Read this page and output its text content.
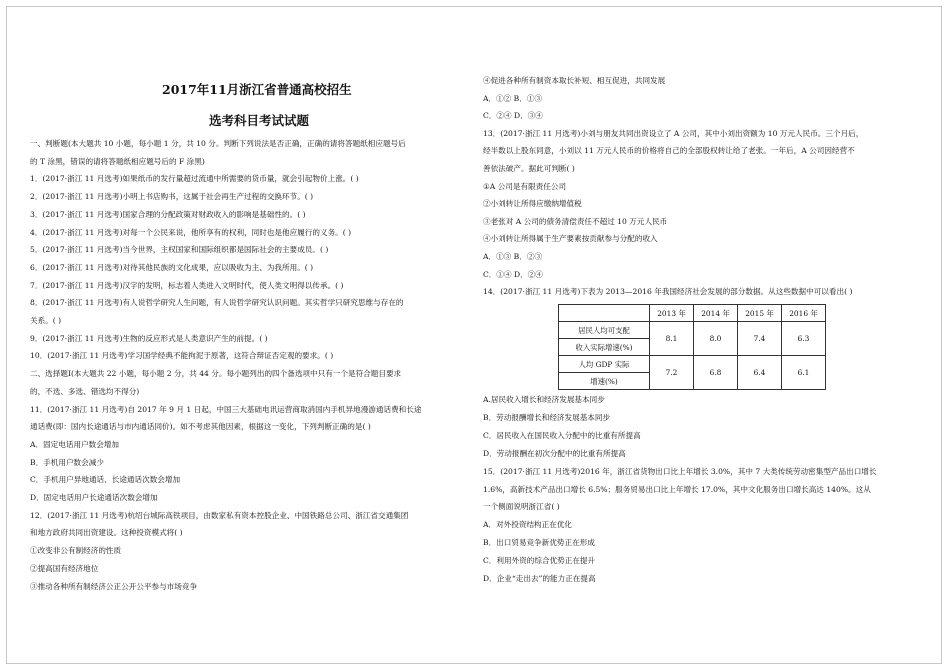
2017年11月浙江省普通高校招生
选考科目考试试题
一、判断题(本大题共 10 小题，每小题 1 分，共 10 分。判断下列说法是否正确，正确的请将答题纸相应题号后
的 T 涂黑，错误的请将答题纸相应题号后的 F 涂黑)
1．(2017·浙江 11 月选考)如果纸币的发行量超过流通中所需要的货币量，就会引起物价上涨。( )
2．(2017·浙江 11 月选考)小明上书店购书，这属于社会再生产过程的交换环节。( )
3．(2017·浙江 11 月选考)国家合理的分配政策对财政收入的影响是基础性的。( )
4．(2017·浙江 11 月选考)对每一个公民来说，他所享有的权利，同时也是他应履行的义务。( )
5．(2017·浙江 11 月选考)当今世界，主权国家和国际组织都是国际社会的主要成员。( )
6．(2017·浙江 11 月选考)对待其他民族的文化成果，应以吸收为主、为我所用。( )
7．(2017·浙江 11 月选考)汉字的发明，标志着人类进入文明时代，使人类文明得以传承。( )
8．(2017·浙江 11 月选考)有人说哲学研究人生问题，有人说哲学研究认识问题。其实哲学只研究思维与存在的
关系。( )
9．(2017·浙江 11 月选考)生物的反应形式是人类意识产生的前提。( )
10．(2017·浙江 11 月选考)学习国学经典不能拘泥于原著，这符合辩证否定观的要求。( )
二、选择题Ⅰ(本大题共 22 小题，每小题 2 分，共 44 分。每小题列出的四个备选项中只有一个是符合题目要求
的，不选、多选、错选均不得分)
11．(2017·浙江 11 月选考)自 2017 年 9 月 1 日起，中国三大基础电讯运营商取消国内手机异地漫游通话费和长途
通话费(即：国内长途通话与市内通话同价)。如不考虑其他因素，根据这一变化，下列判断正确的是( )
A．固定电话用户数会增加
B．手机用户数会减少
C．手机用户异地通话、长途通话次数会增加
D．固定电话用户长途通话次数会增加
12．(2017·浙江 11 月选考)杭绍台城际高铁项目，由数家私有资本控股企业、中国铁路总公司、浙江省交通集团
和地方政府共同出资建设。这种投资模式将( )
①改变非公有制经济的性质
②提高国有经济地位
③推动各种所有制经济公正公开公平参与市场竞争
④促进各种所有制资本取长补短、相互促进，共同发展
A．①② B．①③
C．②④ D．③④
13．(2017·浙江 11 月选考)小刘与朋友共同出资设立了 A 公司，其中小刘出资额为 10 万元人民币。三个月后，
经半数以上股东同意，小刘以 11 万元人民币的价格将自己的全部股权转让给了老张。一年后，A 公司因经营不
善依法破产。据此可判断( )
①A 公司是有限责任公司
②小刘转让所得应缴纳增值税
③老张对 A 公司的债务清偿责任不超过 10 万元人民币
④小刘转让所得属于生产要素按贡献参与分配的收入
A．①③ B．②③
C．①④ D．②④
14．(2017·浙江 11 月选考)下表为 2013—2016 年我国经济社会发展的部分数据。从这些数据中可以看出( )
	2013 年	2014 年	2015 年	2016 年
居民人均可支配	8.1	8.0	7.4	6.3
收入实际增速(%)				
人均 GDP 实际	7.2	6.8	6.4	6.1
增速(%)				
A.居民收入增长和经济发展基本同步
B．劳动报酬增长和经济发展基本同步
C．居民收入在国民收入分配中的比重有所提高
D．劳动报酬在初次分配中的比重有所提高
15．(2017·浙江 11 月选考)2016 年，浙江省货物出口比上年增长 3.0%，其中 7 大类传统劳动密集型产品出口增长
1.6%，高新技术产品出口增长 6.5%；服务贸易出口比上年增长 17.0%，其中文化服务出口增长高达 140%。这从
一个侧面说明浙江省( )
A．对外投资结构正在优化
B．出口贸易竞争新优势正在形成
C．利用外资的综合优势正在提升
D．企业“走出去”的能力正在提高
